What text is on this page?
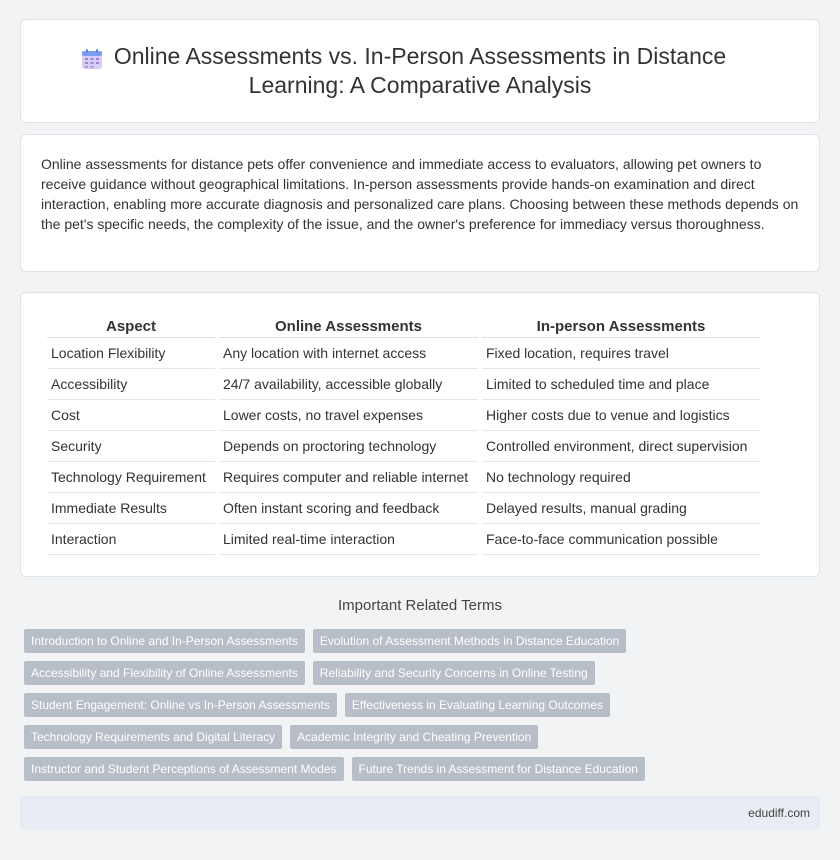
Online Assessments vs. In-Person Assessments in Distance Learning: A Comparative Analysis

Online assessments for distance pets offer convenience and immediate access to evaluators, allowing pet owners to receive guidance without geographical limitations. In-person assessments provide hands-on examination and direct interaction, enabling more accurate diagnosis and personalized care plans. Choosing between these methods depends on the pet's specific needs, the complexity of the issue, and the owner's preference for immediacy versus thoroughness.

Aspect	Online Assessments	In-person Assessments
Location Flexibility	Any location with internet access	Fixed location, requires travel
Accessibility	24/7 availability, accessible globally	Limited to scheduled time and place
Cost	Lower costs, no travel expenses	Higher costs due to venue and logistics
Security	Depends on proctoring technology	Controlled environment, direct supervision
Technology Requirement	Requires computer and reliable internet	No technology required
Immediate Results	Often instant scoring and feedback	Delayed results, manual grading
Interaction	Limited real-time interaction	Face-to-face communication possible
Important Related Terms
Introduction to Online and In-Person Assessments	Evolution of Assessment Methods in Distance Education
Accessibility and Flexibility of Online Assessments	Reliability and Security Concerns in Online Testing
Student Engagement: Online vs In-Person Assessments	Effectiveness in Evaluating Learning Outcomes
Technology Requirements and Digital Literacy	Academic Integrity and Cheating Prevention
Instructor and Student Perceptions of Assessment Modes	Future Trends in Assessment for Distance Education
edudiff.com
